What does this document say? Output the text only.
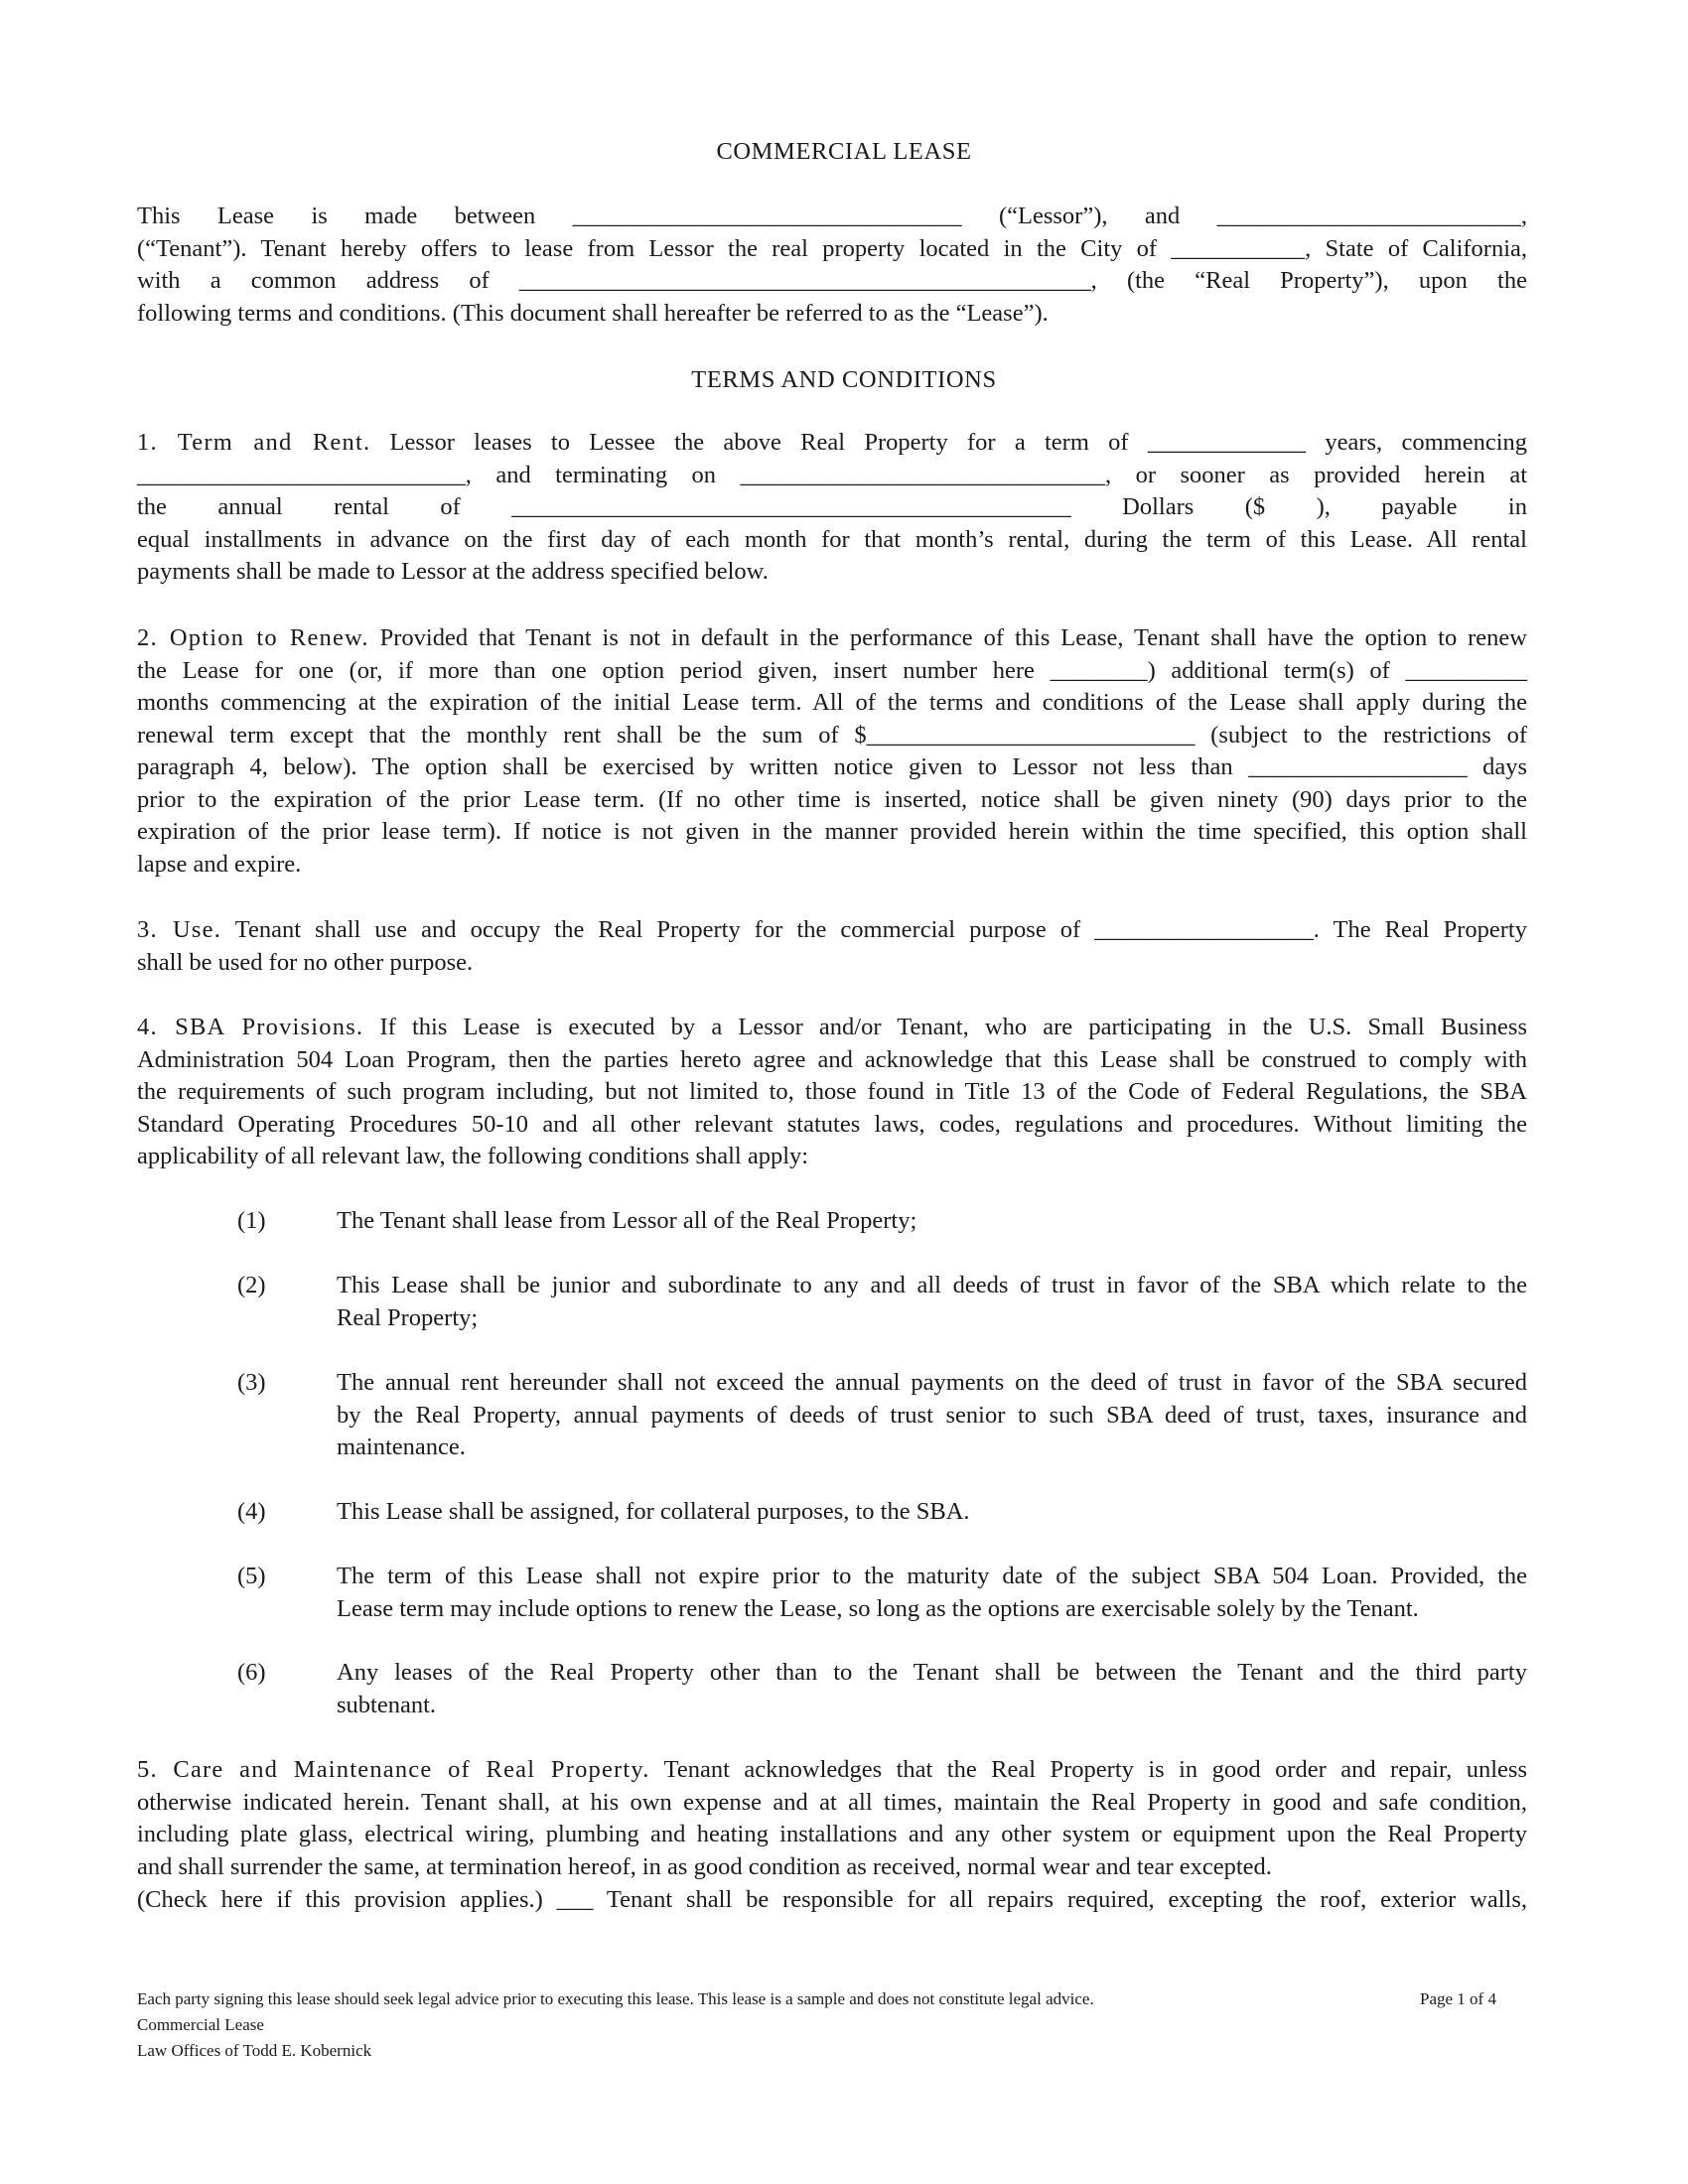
COMMERCIAL LEASE
This Lease is made between ________________________________ (“Lessor”), and _________________________,
(“Tenant”). Tenant hereby offers to lease from Lessor the real property located in the City of ___________, State of California,
with a common address of _______________________________________________, (the “Real Property”), upon the
following terms and conditions. (This document shall hereafter be referred to as the “Lease”).
TERMS AND CONDITIONS
1. Term and Rent. Lessor leases to Lessee the above Real Property for a term of _____________ years, commencing
___________________________, and terminating on ______________________________, or sooner as provided herein at
the annual rental of ______________________________________________ Dollars ($ ), payable in
equal installments in advance on the first day of each month for that month’s rental, during the term of this Lease. All rental
payments shall be made to Lessor at the address specified below.
2. Option to Renew. Provided that Tenant is not in default in the performance of this Lease, Tenant shall have the option to renew
the Lease for one (or, if more than one option period given, insert number here ________) additional term(s) of __________
months commencing at the expiration of the initial Lease term. All of the terms and conditions of the Lease shall apply during the
renewal term except that the monthly rent shall be the sum of $___________________________ (subject to the restrictions of
paragraph 4, below). The option shall be exercised by written notice given to Lessor not less than __________________ days
prior to the expiration of the prior Lease term. (If no other time is inserted, notice shall be given ninety (90) days prior to the
expiration of the prior lease term). If notice is not given in the manner provided herein within the time specified, this option shall
lapse and expire.
3. Use. Tenant shall use and occupy the Real Property for the commercial purpose of __________________. The Real Property
shall be used for no other purpose.
4. SBA Provisions. If this Lease is executed by a Lessor and/or Tenant, who are participating in the U.S. Small Business
Administration 504 Loan Program, then the parties hereto agree and acknowledge that this Lease shall be construed to comply with
the requirements of such program including, but not limited to, those found in Title 13 of the Code of Federal Regulations, the SBA
Standard Operating Procedures 50-10 and all other relevant statutes laws, codes, regulations and procedures. Without limiting the
applicability of all relevant law, the following conditions shall apply:
(1)	The Tenant shall lease from Lessor all of the Real Property;
(2)	This Lease shall be junior and subordinate to any and all deeds of trust in favor of the SBA which relate to the
Real Property;
(3)	The annual rent hereunder shall not exceed the annual payments on the deed of trust in favor of the SBA secured
by the Real Property, annual payments of deeds of trust senior to such SBA deed of trust, taxes, insurance and
maintenance.
(4)	This Lease shall be assigned, for collateral purposes, to the SBA.
(5)	The term of this Lease shall not expire prior to the maturity date of the subject SBA 504 Loan. Provided, the
Lease term may include options to renew the Lease, so long as the options are exercisable solely by the Tenant.
(6)	Any leases of the Real Property other than to the Tenant shall be between the Tenant and the third party
subtenant.
5. Care and Maintenance of Real Property. Tenant acknowledges that the Real Property is in good order and repair, unless
otherwise indicated herein. Tenant shall, at his own expense and at all times, maintain the Real Property in good and safe condition,
including plate glass, electrical wiring, plumbing and heating installations and any other system or equipment upon the Real Property
and shall surrender the same, at termination hereof, in as good condition as received, normal wear and tear excepted.
(Check here if this provision applies.) ___ Tenant shall be responsible for all repairs required, excepting the roof, exterior walls,
Each party signing this lease should seek legal advice prior to executing this lease. This lease is a sample and does not constitute legal advice.	Page 1 of 4
Commercial Lease
Law Offices of Todd E. Kobernick
